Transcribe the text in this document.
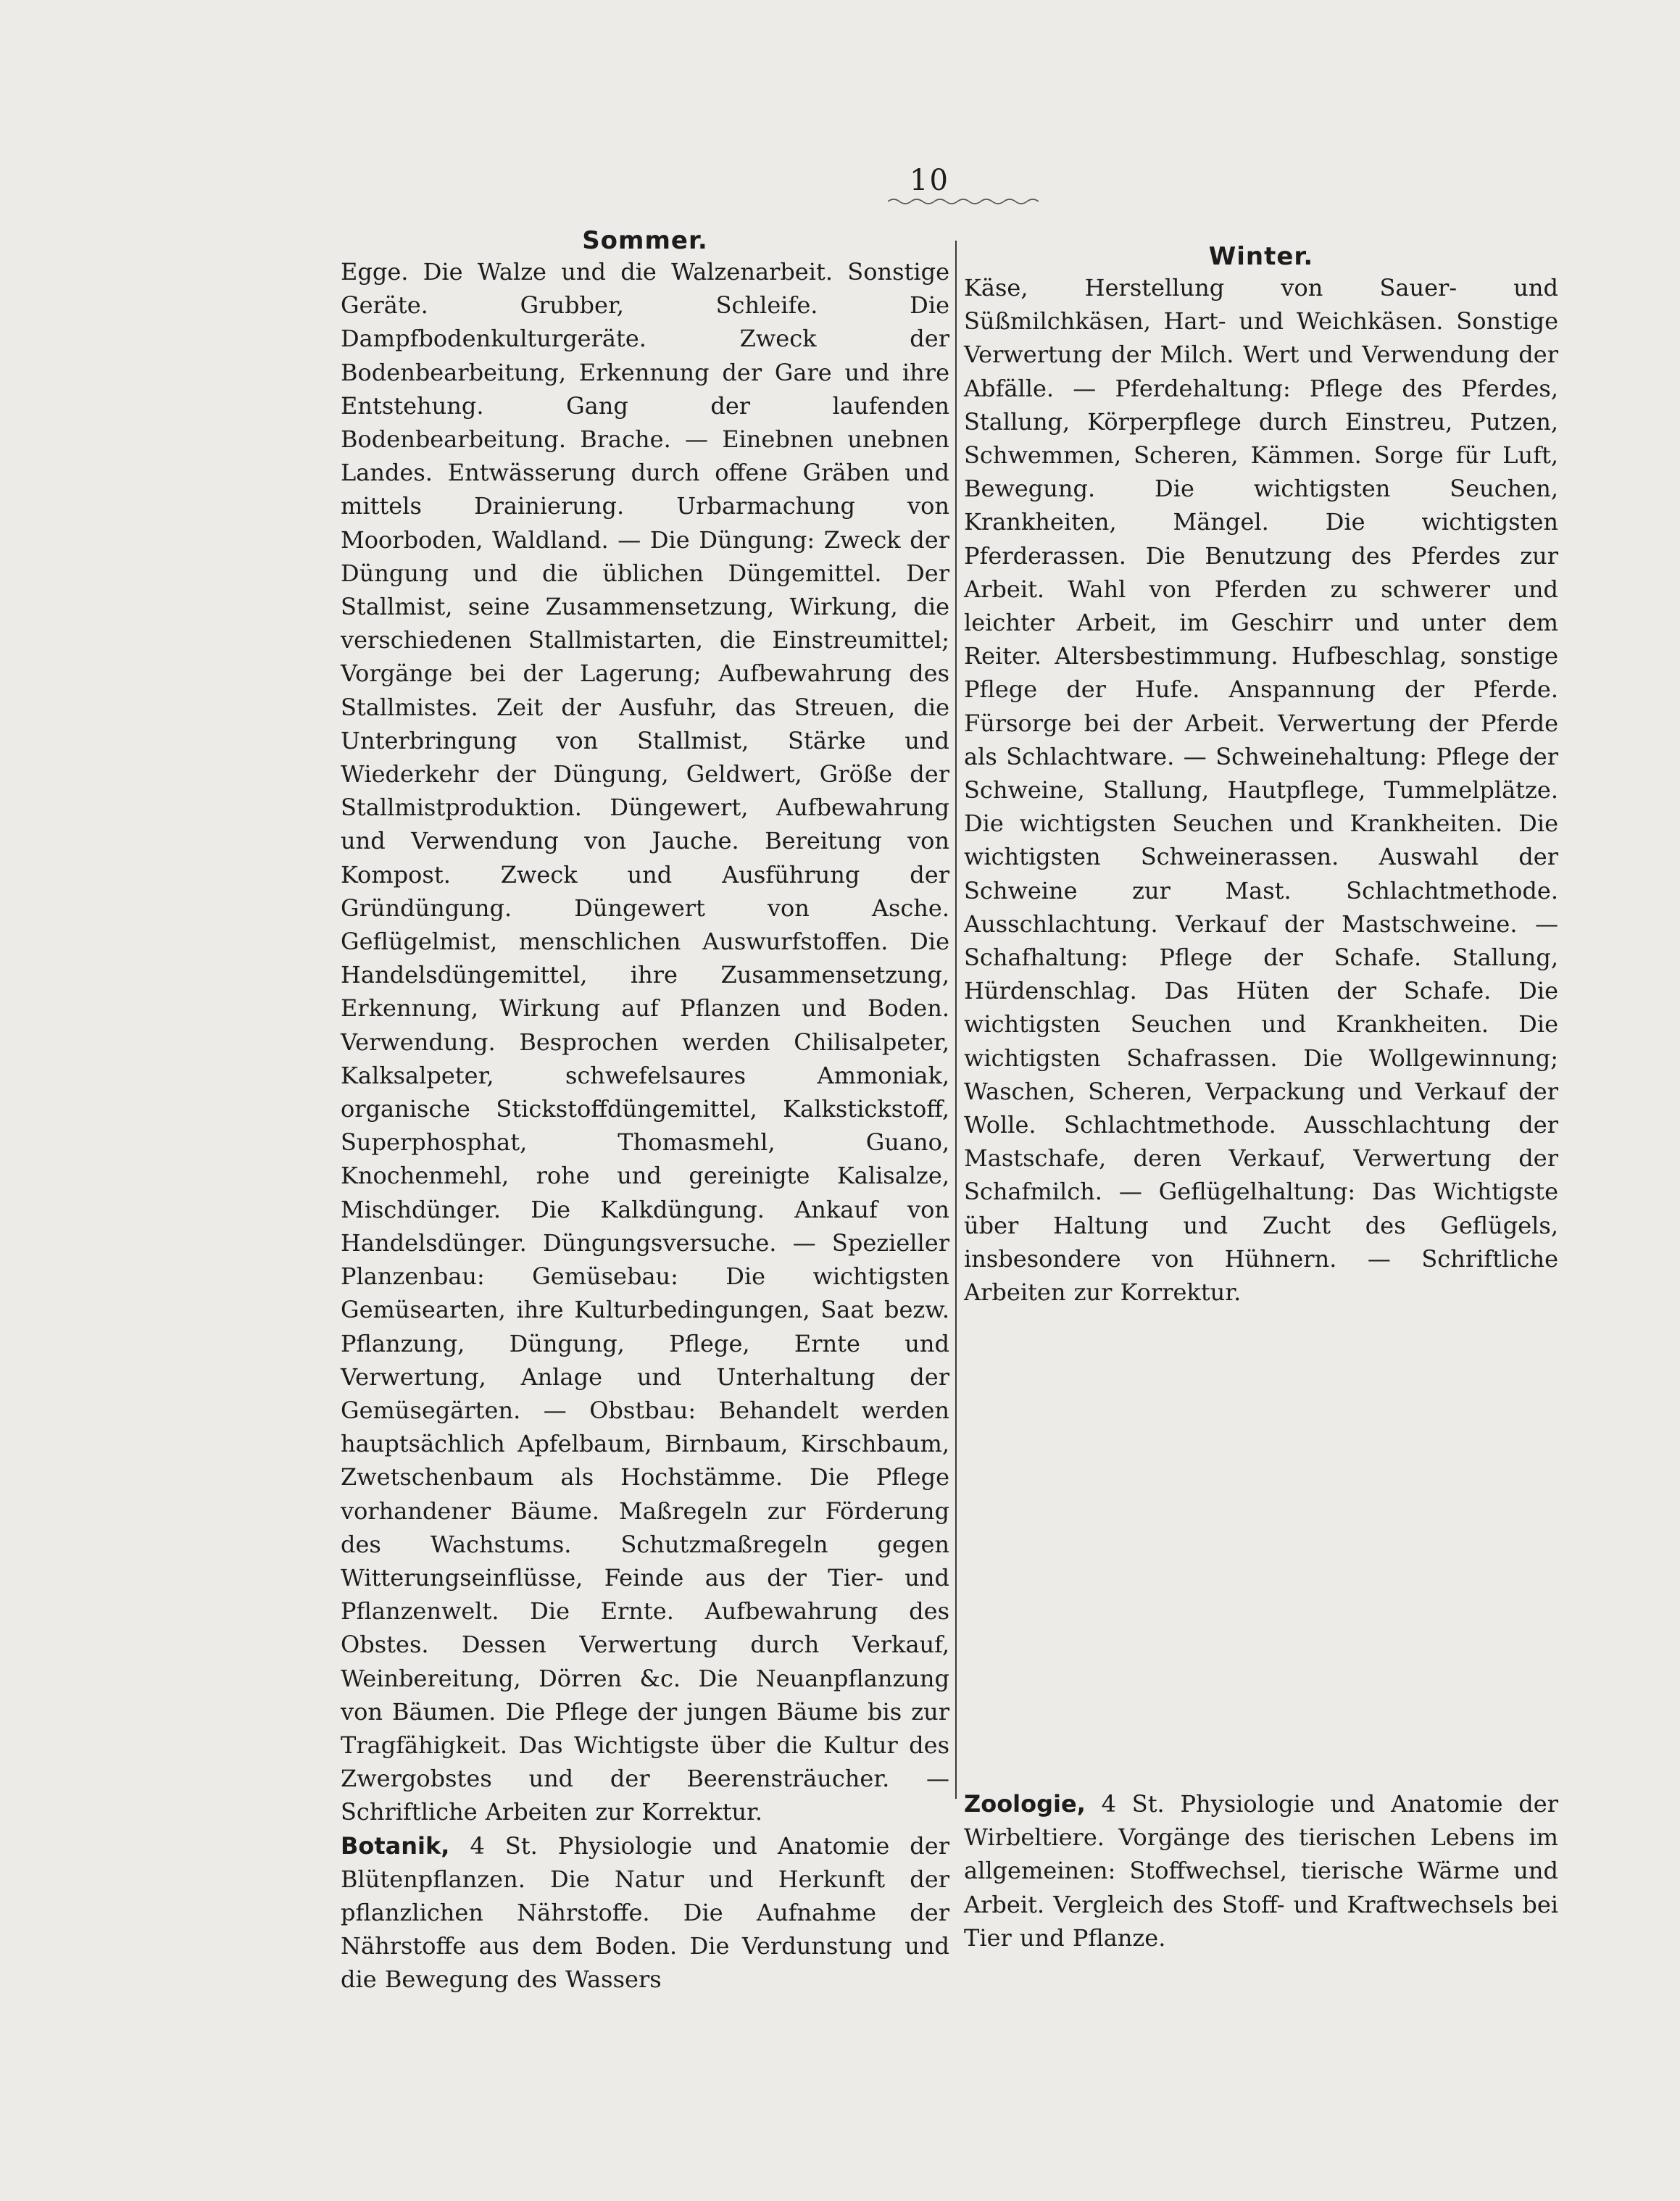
10

Sommer.

Egge. Die Walze und die Walzenarbeit. Sonstige Geräte. Grubber, Schleife. Die Dampfbodenkulturgeräte. Zweck der Bodenbearbeitung, Erkennung der Gare und ihre Entstehung. Gang der laufenden Bodenbearbeitung. Brache. — Einebnen unebnen Landes. Entwässerung durch offene Gräben und mittels Drainierung. Urbarmachung von Moorboden, Waldland. — Die Düngung: Zweck der Düngung und die üblichen Düngemittel. Der Stallmist, seine Zusammensetzung, Wirkung, die verschiedenen Stallmistarten, die Einstreumittel; Vorgänge bei der Lagerung; Aufbewahrung des Stallmistes. Zeit der Ausfuhr, das Streuen, die Unterbringung von Stallmist, Stärke und Wiederkehr der Düngung, Geldwert, Größe der Stallmistproduktion. Düngewert, Aufbewahrung und Verwendung von Jauche. Bereitung von Kompost. Zweck und Ausführung der Gründüngung. Düngewert von Asche. Geflügelmist, menschlichen Auswurfstoffen. Die Handelsdüngemittel, ihre Zusammensetzung, Erkennung, Wirkung auf Pflanzen und Boden. Verwendung. Besprochen werden Chilisalpeter, Kalksalpeter, schwefelsaures Ammoniak, organische Stickstoffdüngemittel, Kalkstickstoff, Superphosphat, Thomasmehl, Guano, Knochenmehl, rohe und gereinigte Kalisalze, Mischdünger. Die Kalkdüngung. Ankauf von Handelsdünger. Düngungsversuche. — Spezieller Planzenbau: Gemüsebau: Die wichtigsten Gemüsearten, ihre Kulturbedingungen, Saat bezw. Pflanzung, Düngung, Pflege, Ernte und Verwertung, Anlage und Unterhaltung der Gemüsegärten. — Obstbau: Behandelt werden hauptsächlich Apfelbaum, Birnbaum, Kirschbaum, Zwetschenbaum als Hochstämme. Die Pflege vorhandener Bäume. Maßregeln zur Förderung des Wachstums. Schutzmaßregeln gegen Witterungseinflüsse, Feinde aus der Tier- und Pflanzenwelt. Die Ernte. Aufbewahrung des Obstes. Dessen Verwertung durch Verkauf, Weinbereitung, Dörren &c. Die Neuanpflanzung von Bäumen. Die Pflege der jungen Bäume bis zur Tragfähigkeit. Das Wichtigste über die Kultur des Zwergobstes und der Beerensträucher. — Schriftliche Arbeiten zur Korrektur.

Botanik, 4 St. Physiologie und Anatomie der Blütenpflanzen. Die Natur und Herkunft der pflanzlichen Nährstoffe. Die Aufnahme der Nährstoffe aus dem Boden. Die Verdunstung und die Bewegung des Wassers

Winter.

Käse, Herstellung von Sauer- und Süßmilchkäsen, Hart- und Weichkäsen. Sonstige Verwertung der Milch. Wert und Verwendung der Abfälle. — Pferdehaltung: Pflege des Pferdes, Stallung, Körperpflege durch Einstreu, Putzen, Schwemmen, Scheren, Kämmen. Sorge für Luft, Bewegung. Die wichtigsten Seuchen, Krankheiten, Mängel. Die wichtigsten Pferderassen. Die Benutzung des Pferdes zur Arbeit. Wahl von Pferden zu schwerer und leichter Arbeit, im Geschirr und unter dem Reiter. Altersbestimmung. Hufbeschlag, sonstige Pflege der Hufe. Anspannung der Pferde. Fürsorge bei der Arbeit. Verwertung der Pferde als Schlachtware. — Schweinehaltung: Pflege der Schweine, Stallung, Hautpflege, Tummelplätze. Die wichtigsten Seuchen und Krankheiten. Die wichtigsten Schweinerassen. Auswahl der Schweine zur Mast. Schlachtmethode. Ausschlachtung. Verkauf der Mastschweine. — Schafhaltung: Pflege der Schafe. Stallung, Hürdenschlag. Das Hüten der Schafe. Die wichtigsten Seuchen und Krankheiten. Die wichtigsten Schafrassen. Die Wollgewinnung; Waschen, Scheren, Verpackung und Verkauf der Wolle. Schlachtmethode. Ausschlachtung der Mastschafe, deren Verkauf, Verwertung der Schafmilch. — Geflügelhaltung: Das Wichtigste über Haltung und Zucht des Geflügels, insbesondere von Hühnern. — Schriftliche Arbeiten zur Korrektur.

Zoologie, 4 St. Physiologie und Anatomie der Wirbeltiere. Vorgänge des tierischen Lebens im allgemeinen: Stoffwechsel, tierische Wärme und Arbeit. Vergleich des Stoff- und Kraftwechsels bei Tier und Pflanze.
